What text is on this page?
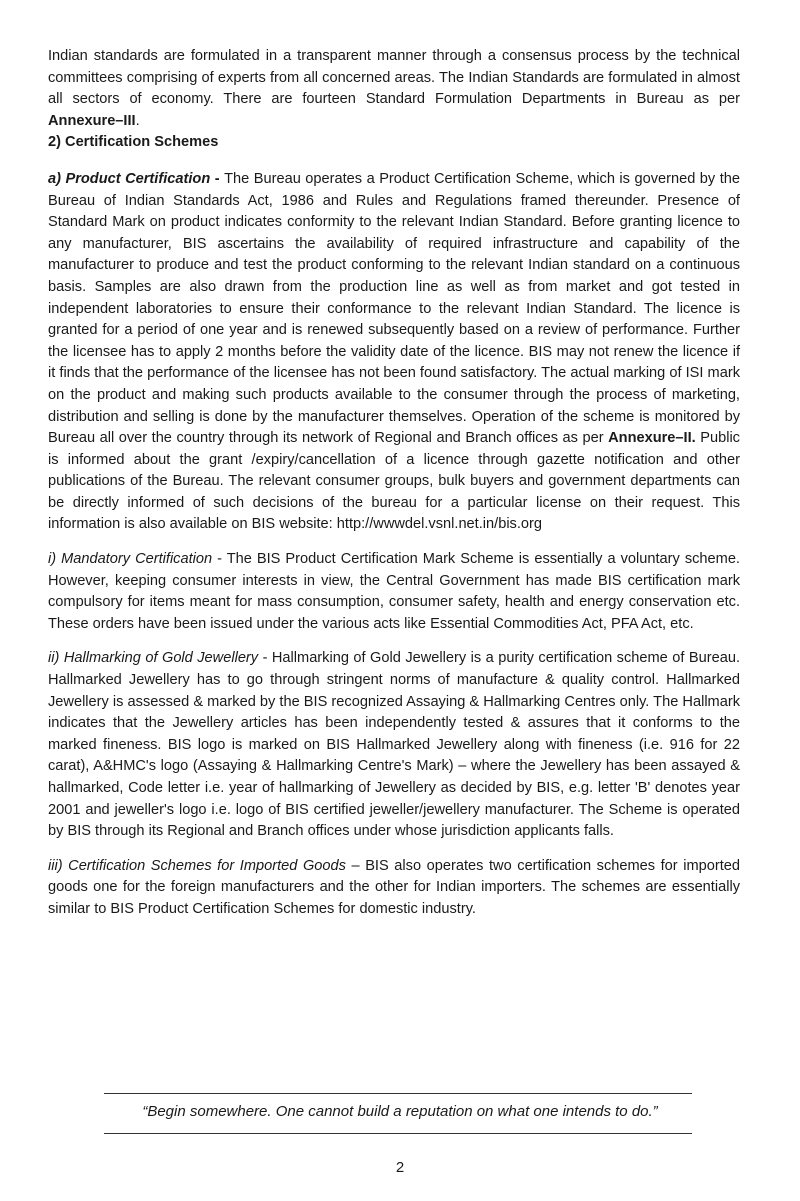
Indian standards are formulated in a transparent manner through a consensus process by the technical committees comprising of experts from all concerned areas. The Indian Standards are formulated in almost all sectors of economy. There are fourteen Standard Formulation Departments in Bureau as per Annexure–III.

2) Certification Schemes

a) Product Certification - The Bureau operates a Product Certification Scheme, which is governed by the Bureau of Indian Standards Act, 1986 and Rules and Regulations framed thereunder. Presence of Standard Mark on product indicates conformity to the relevant Indian Standard. Before granting licence to any manufacturer, BIS ascertains the availability of required infrastructure and capability of the manufacturer to produce and test the product conforming to the relevant Indian standard on a continuous basis. Samples are also drawn from the production line as well as from market and got tested in independent laboratories to ensure their conformance to the relevant Indian Standard. The licence is granted for a period of one year and is renewed subsequently based on a review of performance. Further the licensee has to apply 2 months before the validity date of the licence. BIS may not renew the licence if it finds that the performance of the licensee has not been found satisfactory. The actual marking of ISI mark on the product and making such products available to the consumer through the process of marketing, distribution and selling is done by the manufacturer themselves. Operation of the scheme is monitored by Bureau all over the country through its network of Regional and Branch offices as per Annexure–II. Public is informed about the grant /expiry/cancellation of a licence through gazette notification and other publications of the Bureau. The relevant consumer groups, bulk buyers and government departments can be directly informed of such decisions of the bureau for a particular license on their request. This information is also available on BIS website: http://wwwdel.vsnl.net.in/bis.org

i) Mandatory Certification - The BIS Product Certification Mark Scheme is essentially a voluntary scheme. However, keeping consumer interests in view, the Central Government has made BIS certification mark compulsory for items meant for mass consumption, consumer safety, health and energy conservation etc. These orders have been issued under the various acts like Essential Commodities Act, PFA Act, etc.

ii) Hallmarking of Gold Jewellery - Hallmarking of Gold Jewellery is a purity certification scheme of Bureau. Hallmarked Jewellery has to go through stringent norms of manufacture & quality control. Hallmarked Jewellery is assessed & marked by the BIS recognized Assaying & Hallmarking Centres only. The Hallmark indicates that the Jewellery articles has been independently tested & assures that it conforms to the marked fineness. BIS logo is marked on BIS Hallmarked Jewellery along with fineness (i.e. 916 for 22 carat), A&HMC's logo (Assaying & Hallmarking Centre's Mark) – where the Jewellery has been assayed & hallmarked, Code letter i.e. year of hallmarking of Jewellery as decided by BIS, e.g. letter 'B' denotes year 2001 and jeweller's logo i.e. logo of BIS certified jeweller/jewellery manufacturer. The Scheme is operated by BIS through its Regional and Branch offices under whose jurisdiction applicants falls.

iii) Certification Schemes for Imported Goods – BIS also operates two certification schemes for imported goods one for the foreign manufacturers and the other for Indian importers. The schemes are essentially similar to BIS Product Certification Schemes for domestic industry.

“Begin somewhere. One cannot build a reputation on what one intends to do.”
2
